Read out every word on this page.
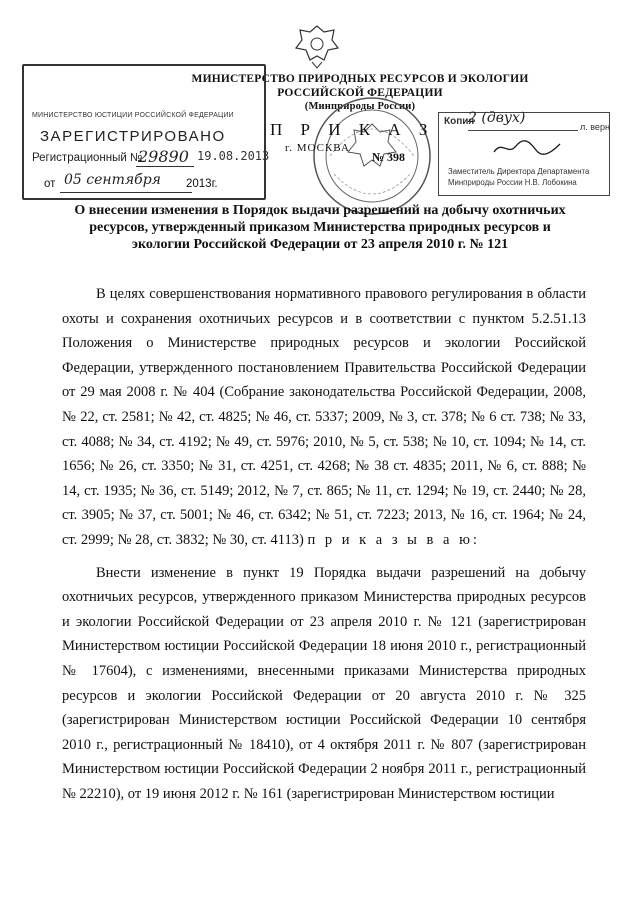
МИНИСТЕРСТВО ПРИРОДНЫХ РЕСУРСОВ И ЭКОЛОГИИ
РОССИЙСКОЙ ФЕДЕРАЦИИ
(Минприроды России)
МИНИСТЕРСТВО ЮСТИЦИИ РОССИЙСКОЙ ФЕДЕРАЦИИ
ЗАРЕГИСТРИРОВАНО
Регистрационный №
29890 19.08.2013
от 05 сентября 2013г.
П Р И К А З
г. МОСКВА
№ 398
Копия
2 (двух)
л. верн
Заместитель Директора Департамента
Минприроды России Н.В. Лобокина
О внесении изменения в Порядок выдачи разрешений на добычу охотничьих
ресурсов, утвержденный приказом Министерства природных ресурсов и
экологии Российской Федерации от 23 апреля 2010 г. № 121

В целях совершенствования нормативного правового регулирования в области охоты и сохранения охотничьих ресурсов и в соответствии с пунктом 5.2.51.13 Положения о Министерстве природных ресурсов и экологии Российской Федерации, утвержденного постановлением Правительства Российской Федерации от 29 мая 2008 г. № 404 (Собрание законодательства Российской Федерации, 2008, № 22, ст. 2581; № 42, ст. 4825; № 46, ст. 5337; 2009, № 3, ст. 378; № 6 ст. 738; № 33, ст. 4088; № 34, ст. 4192; № 49, ст. 5976; 2010, № 5, ст. 538; № 10, ст. 1094; № 14, ст. 1656; № 26, ст. 3350; № 31, ст. 4251, ст. 4268; № 38 ст. 4835; 2011, № 6, ст. 888; № 14, ст. 1935; № 36, ст. 5149; 2012, № 7, ст. 865; № 11, ст. 1294; № 19, ст. 2440; № 28, ст. 3905; № 37, ст. 5001; № 46, ст. 6342; № 51, ст. 7223; 2013, № 16, ст. 1964; № 24, ст. 2999; № 28, ст. 3832; № 30, ст. 4113) п р и к а з ы в а ю:

Внести изменение в пункт 19 Порядка выдачи разрешений на добычу охотничьих ресурсов, утвержденного приказом Министерства природных ресурсов и экологии Российской Федерации от 23 апреля 2010 г. № 121 (зарегистрирован Министерством юстиции Российской Федерации 18 июня 2010 г., регистрационный № 17604), с изменениями, внесенными приказами Министерства природных ресурсов и экологии Российской Федерации от 20 августа 2010 г. № 325 (зарегистрирован Министерством юстиции Российской Федерации 10 сентября 2010 г., регистрационный № 18410), от 4 октября 2011 г. № 807 (зарегистрирован Министерством юстиции Российской Федерации 2 ноября 2011 г., регистрационный № 22210), от 19 июня 2012 г. № 161 (зарегистрирован Министерством юстиции
